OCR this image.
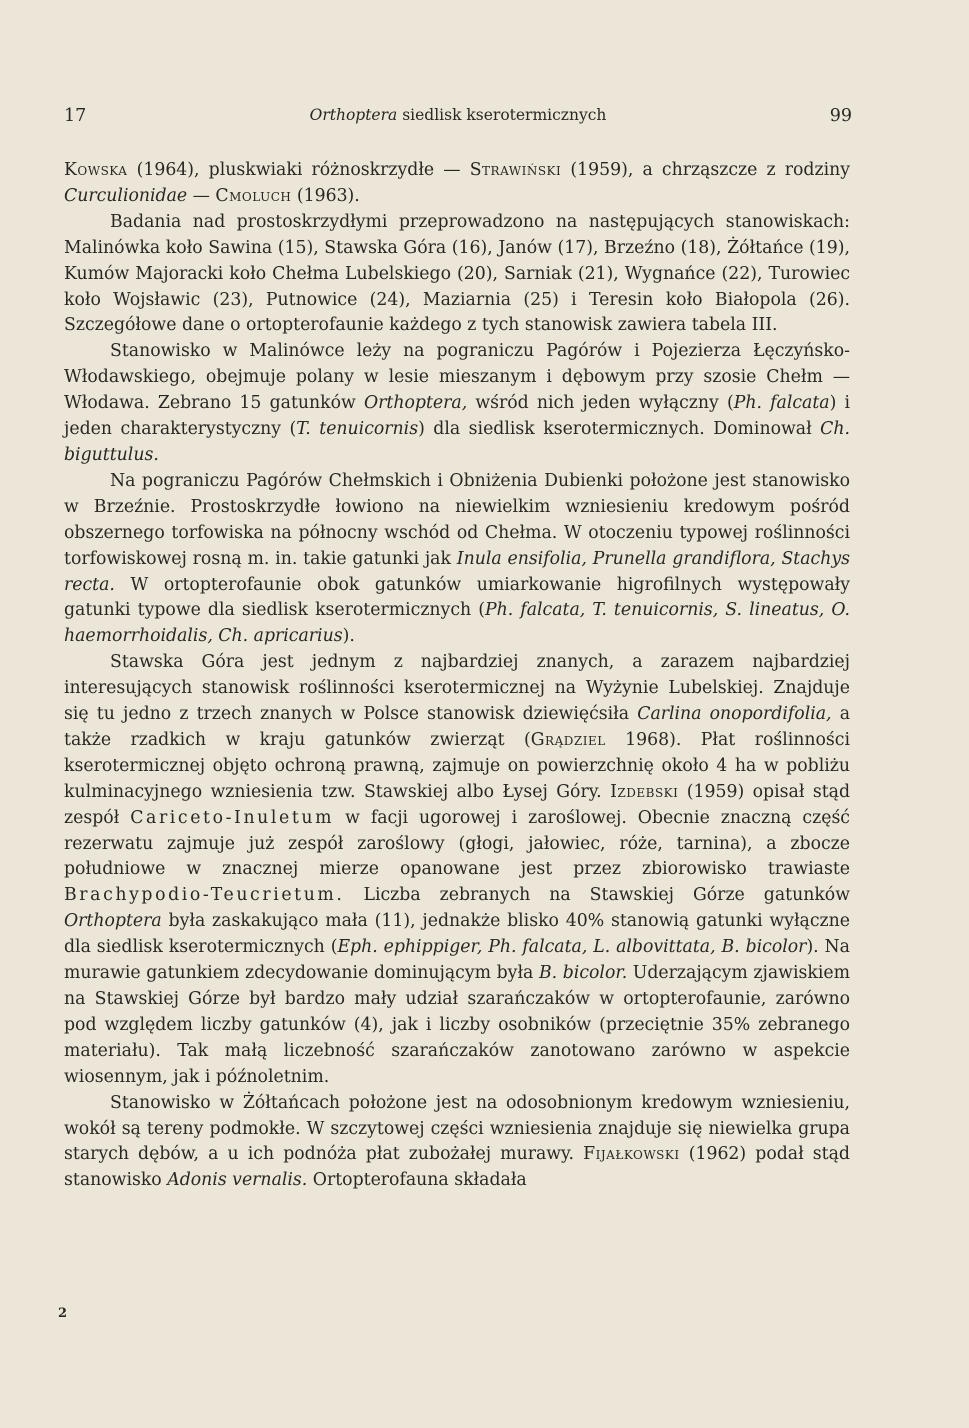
17	Orthoptera siedlisk kserotermicznych	99

Kowska (1964), pluskwiaki różnoskrzydłe — Strawiński (1959), a chrząszcze z rodziny Curculionidae — Cmoluch (1963).

Badania nad prostoskrzydłymi przeprowadzono na następujących stanowiskach: Malinówka koło Sawina (15), Stawska Góra (16), Janów (17), Brzeźno (18), Żółtańce (19), Kumów Majoracki koło Chełma Lubelskiego (20), Sarniak (21), Wygnańce (22), Turowiec koło Wojsławic (23), Putnowice (24), Maziarnia (25) i Teresin koło Białopola (26). Szczegółowe dane o ortopterofaunie każdego z tych stanowisk zawiera tabela III.

Stanowisko w Malinówce leży na pograniczu Pagórów i Pojezierza Łęczyńsko-Włodawskiego, obejmuje polany w lesie mieszanym i dębowym przy szosie Chełm — Włodawa. Zebrano 15 gatunków Orthoptera, wśród nich jeden wyłączny (Ph. falcata) i jeden charakterystyczny (T. tenuicornis) dla siedlisk kserotermicznych. Dominował Ch. biguttulus.

Na pograniczu Pagórów Chełmskich i Obniżenia Dubienki położone jest stanowisko w Brzeźnie. Prostoskrzydłe łowiono na niewielkim wzniesieniu kredowym pośród obszernego torfowiska na północny wschód od Chełma. W otoczeniu typowej roślinności torfowiskowej rosną m. in. takie gatunki jak Inula ensifolia, Prunella grandiflora, Stachys recta. W ortopterofaunie obok gatunków umiarkowanie higrofilnych występowały gatunki typowe dla siedlisk kserotermicznych (Ph. falcata, T. tenuicornis, S. lineatus, O. haemorrhoidalis, Ch. apricarius).

Stawska Góra jest jednym z najbardziej znanych, a zarazem najbardziej interesujących stanowisk roślinności kserotermicznej na Wyżynie Lubelskiej. Znajduje się tu jedno z trzech znanych w Polsce stanowisk dziewięćsiła Carlina onopordifolia, a także rzadkich w kraju gatunków zwierząt (Grądziel 1968). Płat roślinności kserotermicznej objęto ochroną prawną, zajmuje on powierzchnię około 4 ha w pobliżu kulminacyjnego wzniesienia tzw. Stawskiej albo Łysej Góry. Izdebski (1959) opisał stąd zespół Cariceto-Inuletum w facji ugorowej i zaroślowej. Obecnie znaczną część rezerwatu zajmuje już zespół zaroślowy (głogi, jałowiec, róże, tarnina), a zbocze południowe w znacznej mierze opanowane jest przez zbiorowisko trawiaste Brachypodio-Teucrietum. Liczba zebranych na Stawskiej Górze gatunków Orthoptera była zaskakująco mała (11), jednakże blisko 40% stanowią gatunki wyłączne dla siedlisk kserotermicznych (Eph. ephippiger, Ph. falcata, L. albovittata, B. bicolor). Na murawie gatunkiem zdecydowanie dominującym była B. bicolor. Uderzającym zjawiskiem na Stawskiej Górze był bardzo mały udział szarańczaków w ortopterofaunie, zarówno pod względem liczby gatunków (4), jak i liczby osobników (przeciętnie 35% zebranego materiału). Tak małą liczebność szarańczaków zanotowano zarówno w aspekcie wiosennym, jak i późnoletnim.

Stanowisko w Żółtańcach położone jest na odosobnionym kredowym wzniesieniu, wokół są tereny podmokłe. W szczytowej części wzniesienia znajduje się niewielka grupa starych dębów, a u ich podnóża płat zubożałej murawy. Fijałkowski (1962) podał stąd stanowisko Adonis vernalis. Ortopterofauna składała

2
